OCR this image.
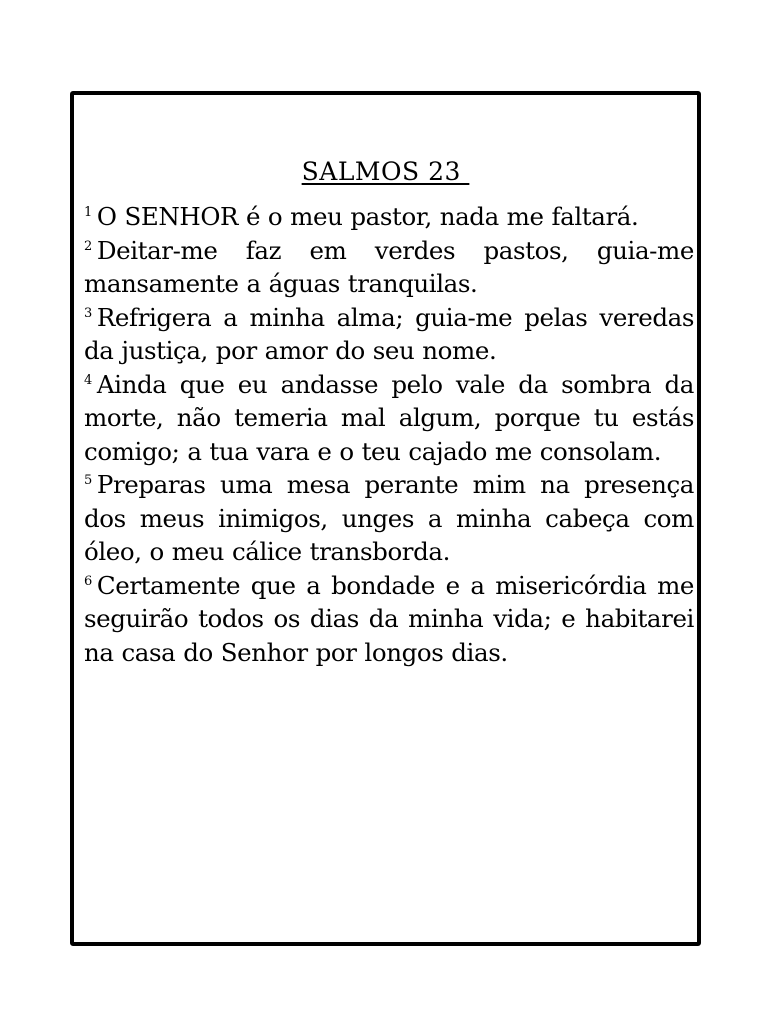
SALMOS 23

$^1$ O SENHOR é o meu pastor, nada me faltará.

$^2$ Deitar-me faz em verdes pastos, guia-me mansamente a águas tranquilas.

$^3$ Refrigera a minha alma; guia-me pelas veredas da justiça, por amor do seu nome.

$^4$ Ainda que eu andasse pelo vale da sombra da morte, não temeria mal algum, porque tu estás comigo; a tua vara e o teu cajado me consolam.

$^5$ Preparas uma mesa perante mim na presença dos meus inimigos, unges a minha cabeça com óleo, o meu cálice transborda.

$^6$ Certamente que a bondade e a misericórdia me seguirão todos os dias da minha vida; e habitarei na casa do Senhor por longos dias.
